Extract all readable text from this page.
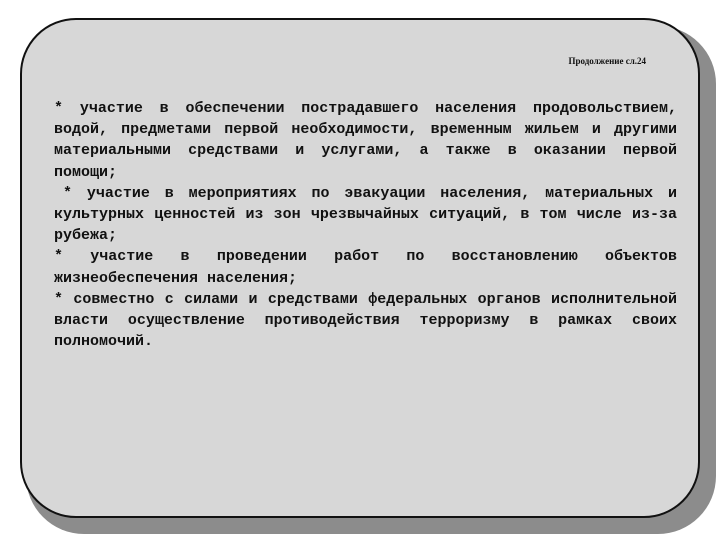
Продолжение сл.24

* участие в обеспечении пострадавшего населения продовольствием, водой, предметами первой необходимости, временным жильем и другими материальными средствами и услугами, а также в оказании первой помощи;
* участие в мероприятиях по эвакуации населения, материальных и культурных ценностей из зон чрезвычайных ситуаций, в том числе из-за рубежа;
* участие в проведении работ по восстановлению объектов жизнеобеспечения населения;
* совместно с силами и средствами федеральных органов исполнительной власти осуществление противодействия терроризму в рамках своих полномочий.
